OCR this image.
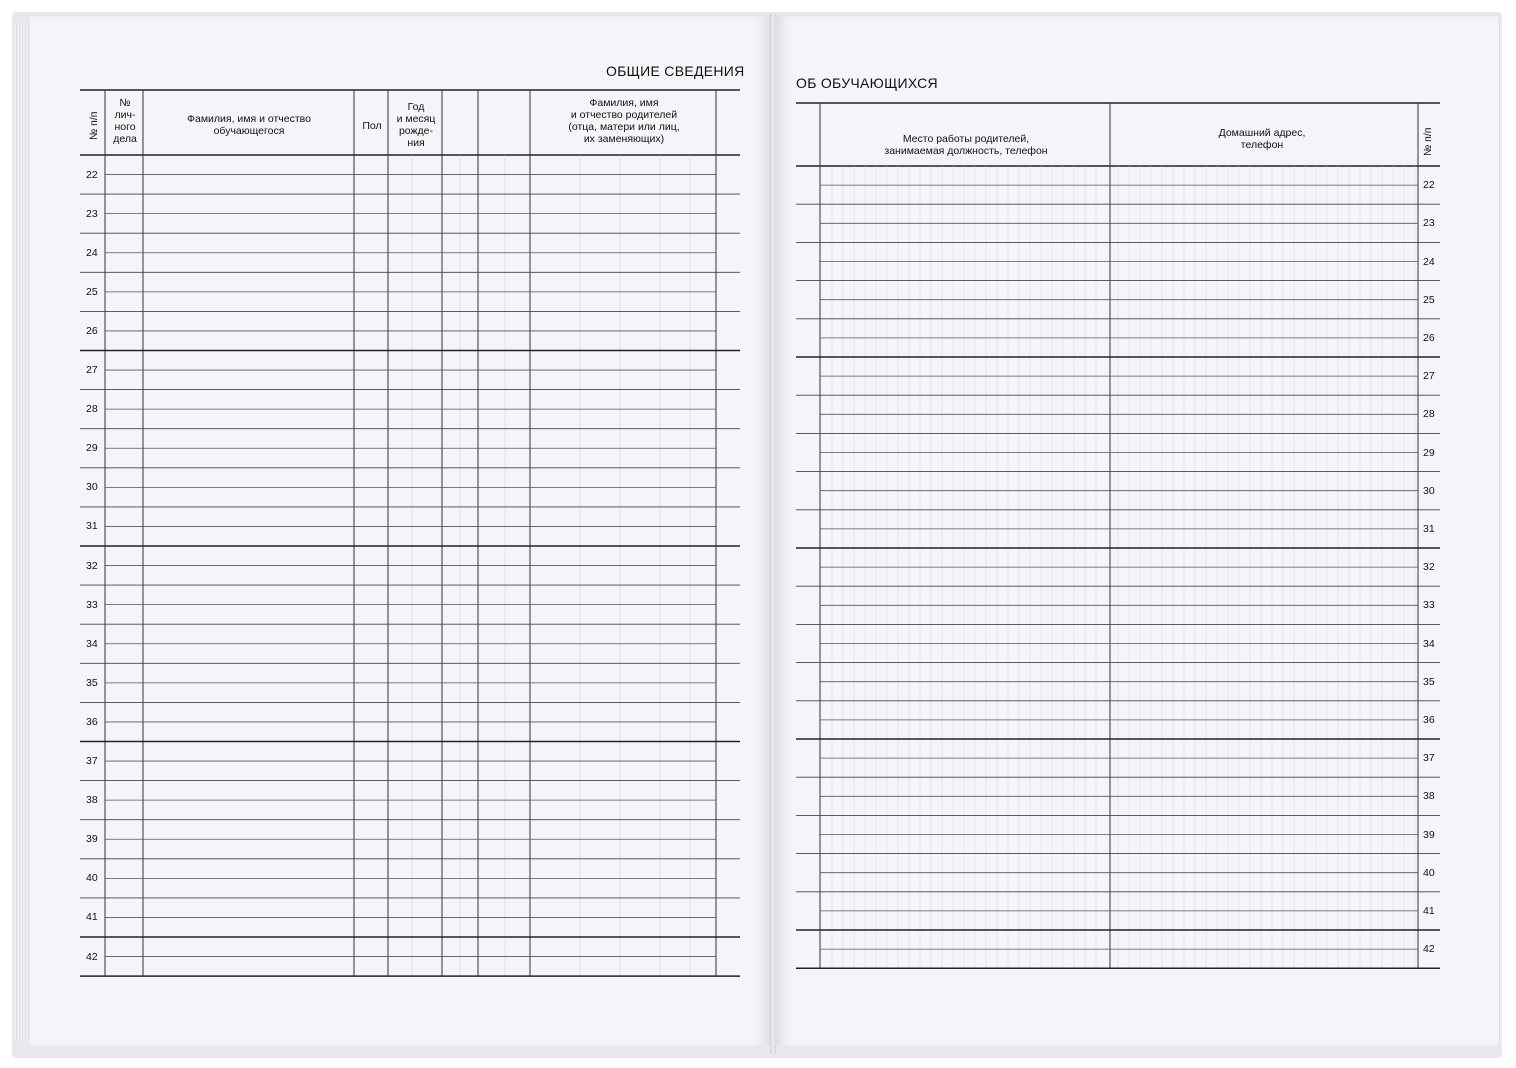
ОБЩИЕ СВЕДЕНИЯ
№ п/п
№
лич-
ного
дела
Фамилия, имя и отчество
обучающегося	Пол
Год
и месяц
рожде-
ния
Фамилия, имя
и отчество родителей
(отца, матери или лиц,
их заменяющих)
22
23
24
25
26
27
28
29
30
31
32
33
34
35
36
37
38
39
40
41
42
ОБ ОБУЧАЮЩИХСЯ
Место работы родителей,
занимаемая должность, телефон
Домашний адрес,
телефон	№ п/п
22
23
24
25
26
27
28
29
30
31
32
33
34
35
36
37
38
39
40
41
42
